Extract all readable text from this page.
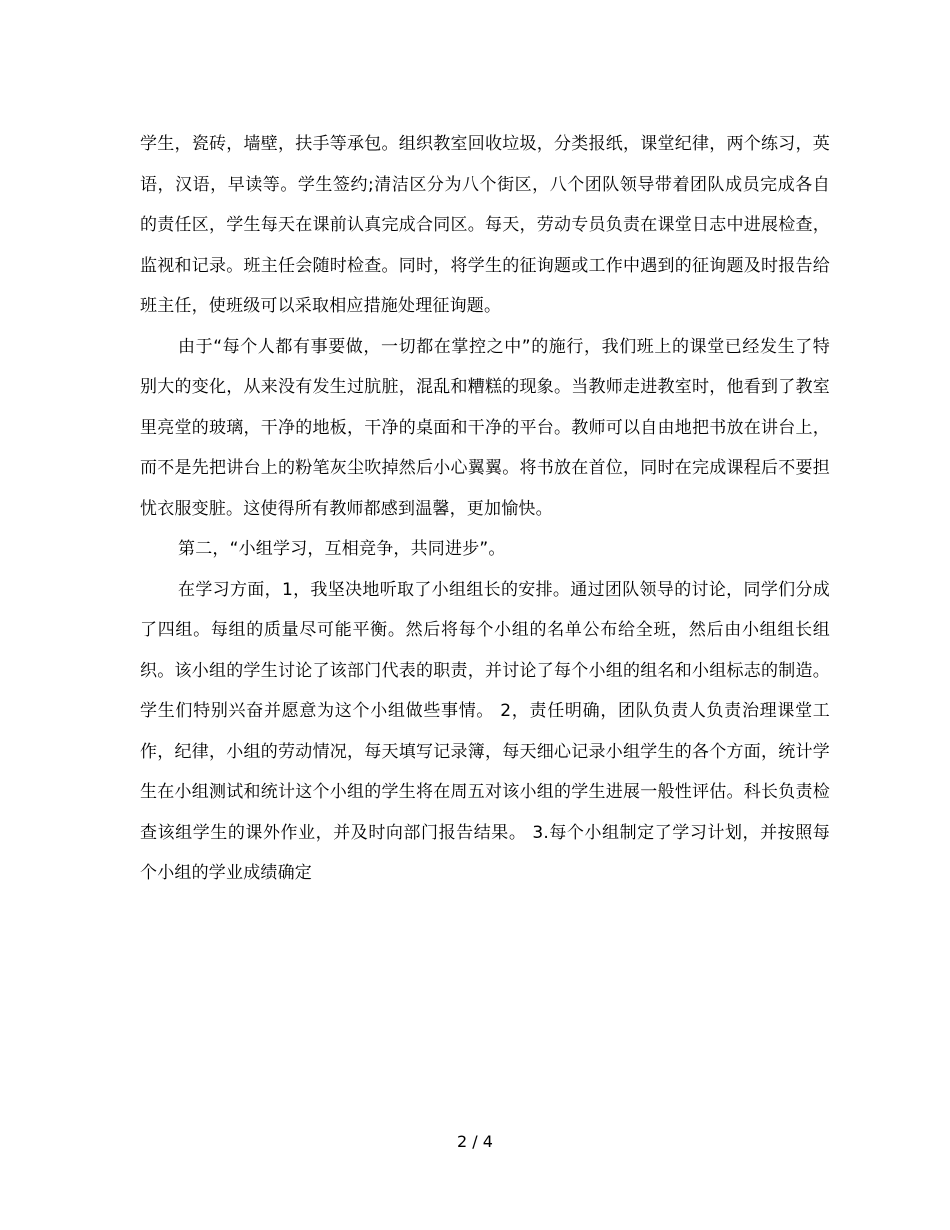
学生，瓷砖，墙壁，扶手等承包。组织教室回收垃圾，分类报纸，课堂纪律，两个练习，英语，汉语，早读等。学生签约;清洁区分为八个街区，八个团队领导带着团队成员完成各自的责任区，学生每天在课前认真完成合同区。每天，劳动专员负责在课堂日志中进展检查，监视和记录。班主任会随时检查。同时，将学生的征询题或工作中遇到的征询题及时报告给班主任，使班级可以采取相应措施处理征询题。

由于“每个人都有事要做，一切都在掌控之中”的施行，我们班上的课堂已经发生了特别大的变化，从来没有发生过肮脏，混乱和糟糕的现象。当教师走进教室时，他看到了教室里亮堂的玻璃，干净的地板，干净的桌面和干净的平台。教师可以自由地把书放在讲台上，而不是先把讲台上的粉笔灰尘吹掉然后小心翼翼。将书放在首位，同时在完成课程后不要担忧衣服变脏。这使得所有教师都感到温馨，更加愉快。

第二，“小组学习，互相竞争，共同进步”。

在学习方面，1，我坚决地听取了小组组长的安排。通过团队领导的讨论，同学们分成了四组。每组的质量尽可能平衡。然后将每个小组的名单公布给全班，然后由小组组长组织。该小组的学生讨论了该部门代表的职责，并讨论了每个小组的组名和小组标志的制造。学生们特别兴奋并愿意为这个小组做些事情。 2，责任明确，团队负责人负责治理课堂工作，纪律，小组的劳动情况，每天填写记录簿，每天细心记录小组学生的各个方面，统计学生在小组测试和统计这个小组的学生将在周五对该小组的学生进展一般性评估。科长负责检查该组学生的课外作业，并及时向部门报告结果。 3.每个小组制定了学习计划，并按照每个小组的学业成绩确定

2 / 4
